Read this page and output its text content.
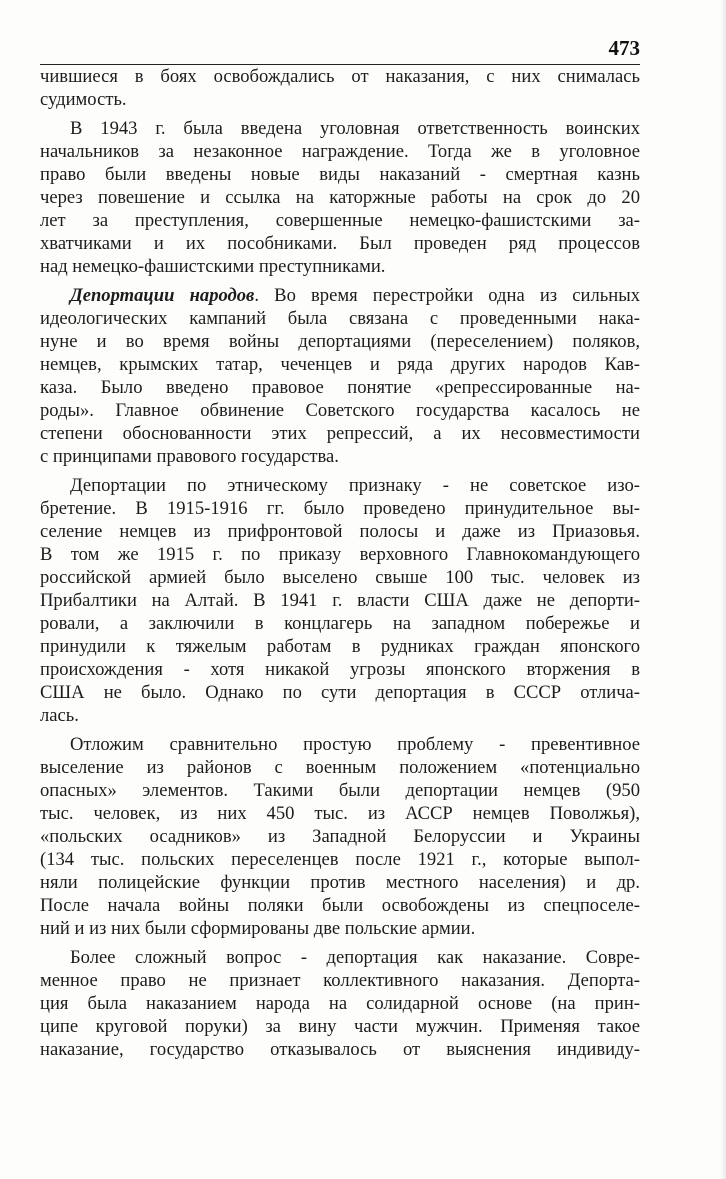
473

чившиеся в боях освобождались от наказания, с них снималась
судимость.

В 1943 г. была введена уголовная ответственность воинских
начальников за незаконное награждение. Тогда же в уголовное
право были введены новые виды наказаний - смертная казнь
через повешение и ссылка на каторжные работы на срок до 20
лет за преступления, совершенные немецко-фашистскими за-
хватчиками и их пособниками. Был проведен ряд процессов
над немецко-фашистскими преступниками.

Депортации народов. Во время перестройки одна из сильных
идеологических кампаний была связана с проведенными нака-
нуне и во время войны депортациями (переселением) поляков,
немцев, крымских татар, чеченцев и ряда других народов Кав-
каза. Было введено правовое понятие «репрессированные на-
роды». Главное обвинение Советского государства касалось не
степени обоснованности этих репрессий, а их несовместимости
с принципами правового государства.

Депортации по этническому признаку - не советское изо-
бретение. В 1915-1916 гг. было проведено принудительное вы-
селение немцев из прифронтовой полосы и даже из Приазовья.
В том же 1915 г. по приказу верховного Главнокомандующего
российской армией было выселено свыше 100 тыс. человек из
Прибалтики на Алтай. В 1941 г. власти США даже не депорти-
ровали, а заключили в концлагерь на западном побережье и
принудили к тяжелым работам в рудниках граждан японского
происхождения - хотя никакой угрозы японского вторжения в
США не было. Однако по сути депортация в СССР отлича-
лась.

Отложим сравнительно простую проблему - превентивное
выселение из районов с военным положением «потенциально
опасных» элементов. Такими были депортации немцев (950
тыс. человек, из них 450 тыс. из АССР немцев Поволжья),
«польских осадников» из Западной Белоруссии и Украины
(134 тыс. польских переселенцев после 1921 г., которые выпол-
няли полицейские функции против местного населения) и др.
После начала войны поляки были освобождены из спецпоселе-
ний и из них были сформированы две польские армии.

Более сложный вопрос - депортация как наказание. Совре-
менное право не признает коллективного наказания. Депорта-
ция была наказанием народа на солидарной основе (на прин-
ципе круговой поруки) за вину части мужчин. Применяя такое
наказание, государство отказывалось от выяснения индивиду-
